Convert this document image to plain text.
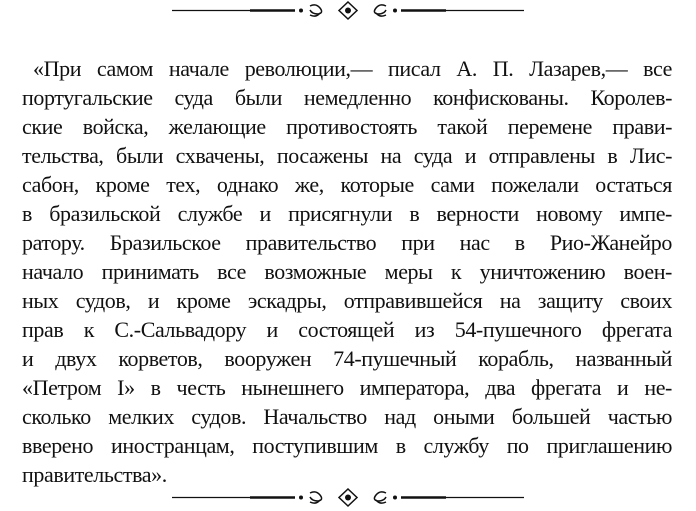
«При самом начале революции,— писал А. П. Лазарев,— все
португальские суда были немедленно конфискованы. Королев-
ские войска, желающие противостоять такой перемене прави-
тельства, были схвачены, посажены на суда и отправлены в Лис-
сабон, кроме тех, однако же, которые сами пожелали остаться
в бразильской службе и присягнули в верности новому импе-
ратору. Бразильское правительство при нас в Рио-Жанейро
начало принимать все возможные меры к уничтожению воен-
ных судов, и кроме эскадры, отправившейся на защиту своих
прав к С.-Сальвадору и состоящей из 54-пушечного фрегата
и двух корветов, вооружен 74-пушечный корабль, названный
«Петром I» в честь нынешнего императора, два фрегата и не-
сколько мелких судов. Начальство над оными большей частью
вверено иностранцам, поступившим в службу по приглашению
правительства».
